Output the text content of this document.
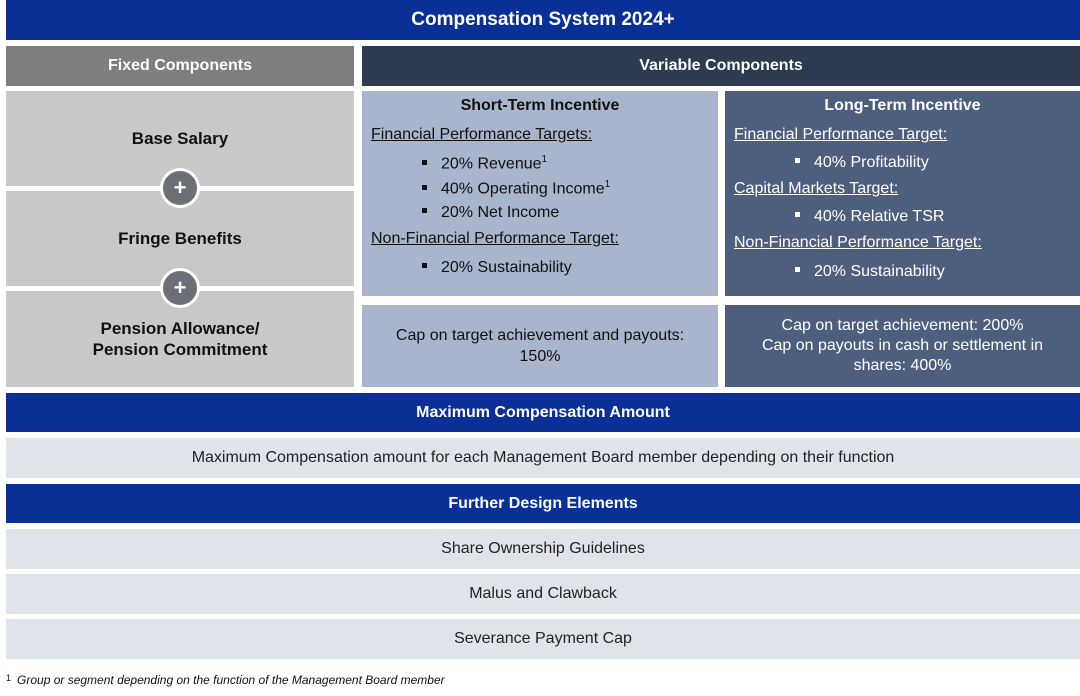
Compensation System 2024+
Fixed Components	Variable Components
Base Salary
Fringe Benefits
Pension Allowance/
Pension Commitment
+
+
Short-Term Incentive
Financial Performance Targets:
20% Revenue$^1$
40% Operating Income$^1$
20% Net Income
Non-Financial Performance Target:
20% Sustainability
Long-Term Incentive
Financial Performance Target:
40% Profitability
Capital Markets Target:
40% Relative TSR
Non-Financial Performance Target:
20% Sustainability
Cap on target achievement and payouts:
150%
Cap on target achievement: 200%
Cap on payouts in cash or settlement in
shares: 400%
Maximum Compensation Amount
Maximum Compensation amount for each Management Board member depending on their function
Further Design Elements
Share Ownership Guidelines
Malus and Clawback
Severance Payment Cap
$^1$ Group or segment depending on the function of the Management Board member
